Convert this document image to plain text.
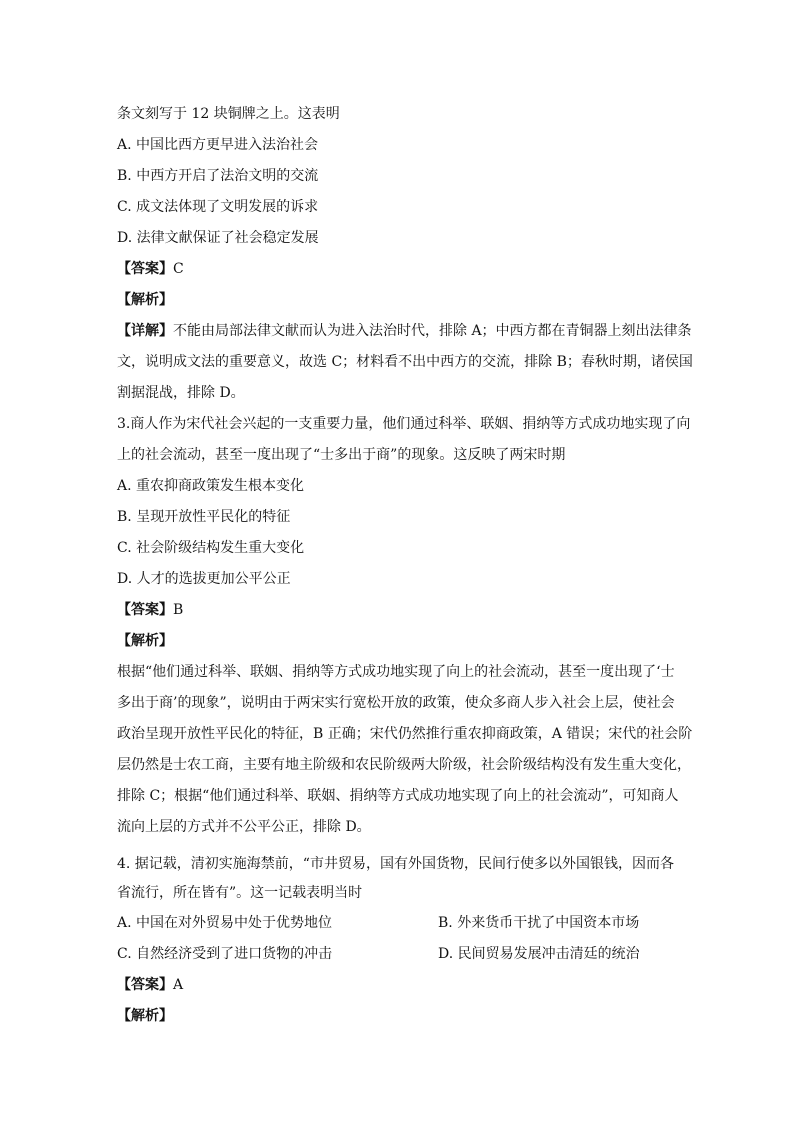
条文刻写于 12 块铜牌之上。这表明
A. 中国比西方更早进入法治社会
B. 中西方开启了法治文明的交流
C. 成文法体现了文明发展的诉求
D. 法律文献保证了社会稳定发展
【答案】C
【解析】
【详解】不能由局部法律文献而认为进入法治时代，排除 A；中西方都在青铜器上刻出法律条
文，说明成文法的重要意义，故选 C；材料看不出中西方的交流，排除 B；春秋时期，诸侯国
割据混战，排除 D。
3.商人作为宋代社会兴起的一支重要力量，他们通过科举、联姻、捐纳等方式成功地实现了向
上的社会流动，甚至一度出现了“士多出于商”的现象。这反映了两宋时期
A. 重农抑商政策发生根本变化
B. 呈现开放性平民化的特征
C. 社会阶级结构发生重大变化
D. 人才的选拔更加公平公正
【答案】B
【解析】
根据“他们通过科举、联姻、捐纳等方式成功地实现了向上的社会流动，甚至一度出现了‘士
多出于商’的现象”，说明由于两宋实行宽松开放的政策，使众多商人步入社会上层，使社会
政治呈现开放性平民化的特征，B 正确；宋代仍然推行重农抑商政策，A 错误；宋代的社会阶
层仍然是士农工商，主要有地主阶级和农民阶级两大阶级，社会阶级结构没有发生重大变化，
排除 C；根据“他们通过科举、联姻、捐纳等方式成功地实现了向上的社会流动”，可知商人
流向上层的方式并不公平公正，排除 D。
4. 据记载，清初实施海禁前，“市井贸易，国有外国货物，民间行使多以外国银钱，因而各
省流行，所在皆有”。这一记载表明当时
A. 中国在对外贸易中处于优势地位	B. 外来货币干扰了中国资本市场
C. 自然经济受到了进口货物的冲击	D. 民间贸易发展冲击清廷的统治
【答案】A
【解析】
